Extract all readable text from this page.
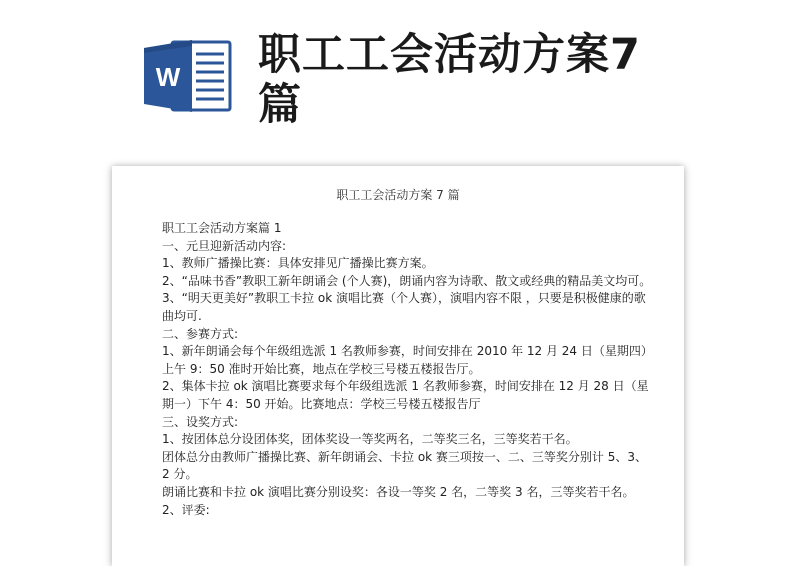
W 职工工会活动方案7篇

职工工会活动方案 7 篇

职工工会活动方案篇 1
一、元旦迎新活动内容:
1、教师广播操比赛：具体安排见广播操比赛方案。
2、“品味书香”教职工新年朗诵会 (个人赛)，朗诵内容为诗歌、散文或经典的精品美文均可。
3、“明天更美好”教职工卡拉 ok 演唱比赛（个人赛），演唱内容不限 ，只要是积极健康的歌
曲均可.
二、参赛方式:
1、新年朗诵会每个年级组选派 1 名教师参赛，时间安排在 2010 年 12 月 24 日（星期四）
上午 9：50 准时开始比赛，地点在学校三号楼五楼报告厅。
2、集体卡拉 ok 演唱比赛要求每个年级组选派 1 名教师参赛，时间安排在 12 月 28 日（星
期一）下午 4：50 开始。比赛地点：学校三号楼五楼报告厅
三、设奖方式:
1、按团体总分设团体奖，团体奖设一等奖两名，二等奖三名，三等奖若干名。
团体总分由教师广播操比赛、新年朗诵会、卡拉 ok 赛三项按一、二、三等奖分别计 5、3、
2 分。
朗诵比赛和卡拉 ok 演唱比赛分别设奖：各设一等奖 2 名，二等奖 3 名，三等奖若干名。
2、评委:
